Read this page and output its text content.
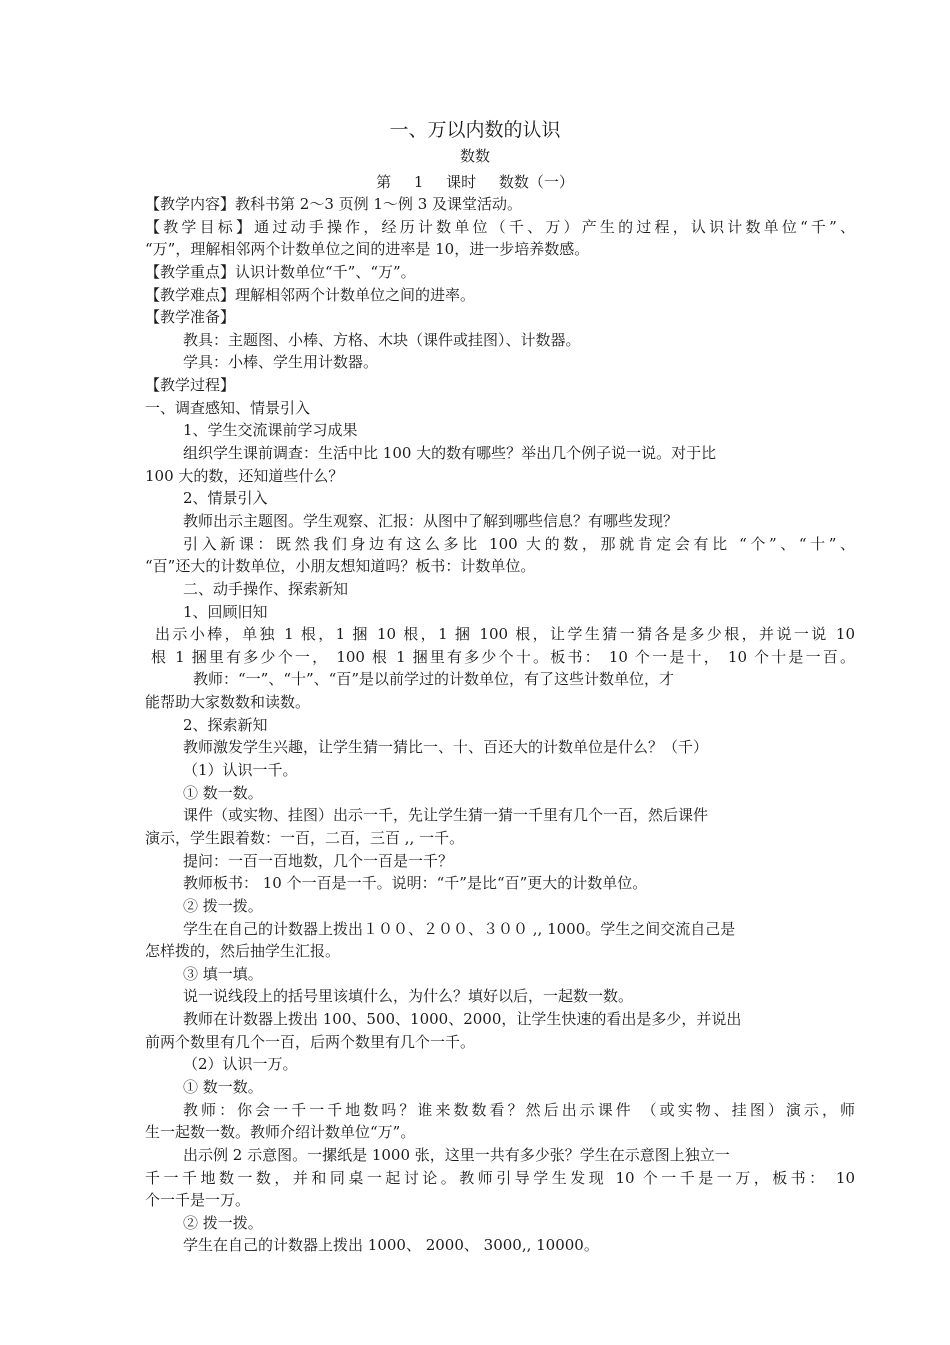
一、万以内数的认识
数数
第 1 课时 数数（一）
【教学内容】教科书第 2～3 页例 1～例 3 及课堂活动。
【教学目标】通过动手操作，经历计数单位（千、万）产生的过程，认识计数单位“千”、
“万”，理解相邻两个计数单位之间的进率是 10，进一步培养数感。
【教学重点】认识计数单位“千”、“万”。
【教学难点】理解相邻两个计数单位之间的进率。
【教学准备】
教具：主题图、小棒、方格、木块（课件或挂图）、计数器。
学具：小棒、学生用计数器。
【教学过程】
一、调查感知、情景引入
1、学生交流课前学习成果
组织学生课前调查：生活中比 100 大的数有哪些？举出几个例子说一说。对于比
100 大的数，还知道些什么？
2、情景引入
教师出示主题图。学生观察、汇报：从图中了解到哪些信息？有哪些发现？
引入新课：既然我们身边有这么多比 100 大的数，那就肯定会有比 “个”、“十”、
“百”还大的计数单位，小朋友想知道吗？板书：计数单位。
二、动手操作、探索新知
1、回顾旧知
出示小棒，单独 1 根，1 捆 10 根，1 捆 100 根，让学生猜一猜各是多少根，并说一说 10
根 1 捆里有多少个一， 100 根 1 捆里有多少个十。板书： 10 个一是十， 10 个十是一百。
教师：“一”、“十”、“百”是以前学过的计数单位，有了这些计数单位，才
能帮助大家数数和读数。
2、探索新知
教师激发学生兴趣，让学生猜一猜比一、十、百还大的计数单位是什么？（千）
（1）认识一千。
① 数一数。
课件（或实物、挂图）出示一千，先让学生猜一猜一千里有几个一百，然后课件
演示，学生跟着数：一百，二百，三百 ,, 一千。
提问：一百一百地数，几个一百是一千？
教师板书： 10 个一百是一千。说明：“千”是比“百”更大的计数单位。
② 拨一拨。
学生在自己的计数器上拨出１００、２００、３００ ,, 1000。学生之间交流自己是
怎样拨的，然后抽学生汇报。
③ 填一填。
说一说线段上的括号里该填什么，为什么？填好以后，一起数一数。
教师在计数器上拨出 100、500、1000、2000，让学生快速的看出是多少，并说出
前两个数里有几个一百，后两个数里有几个一千。
（2）认识一万。
① 数一数。
教师：你会一千一千地数吗？谁来数数看？然后出示课件 （或实物、挂图）演示，师
生一起数一数。教师介绍计数单位“万”。
出示例 2 示意图。一摞纸是 1000 张，这里一共有多少张？学生在示意图上独立一
千一千地数一数，并和同桌一起讨论。教师引导学生发现 10 个一千是一万，板书： 10
个一千是一万。
② 拨一拨。
学生在自己的计数器上拨出 1000、 2000、 3000,, 10000。
